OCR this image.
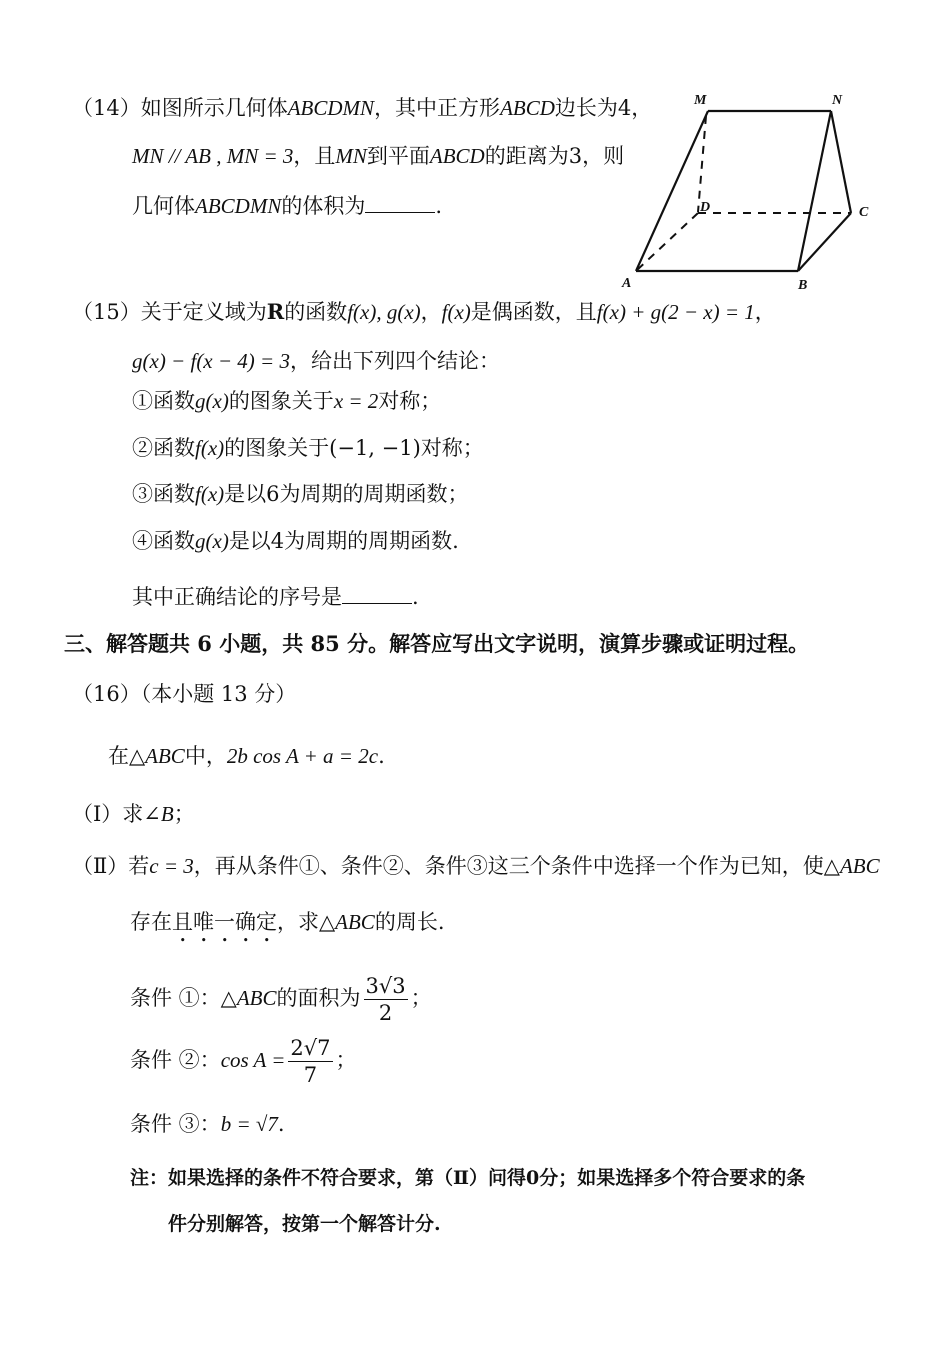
（14）如图所示几何体ABCDMN，其中正方形ABCD边长为4，
MN // AB , MN = 3，且MN到平面ABCD的距离为3，则
几何体ABCDMN的体积为	.
M	N
D	C
A	B
（15）关于定义域为R的函数f(x), g(x)，f(x)是偶函数，且f(x) + g(2 − x) = 1，
g(x) − f(x − 4) = 3，给出下列四个结论：
①函数g(x)的图象关于x = 2对称；
②函数f(x)的图象关于(−1, −1)对称；
③函数f(x)是以6为周期的周期函数；
④函数g(x)是以4为周期的周期函数.
其中正确结论的序号是	.
三、解答题共 6 小题，共 85 分。解答应写出文字说明，演算步骤或证明过程。
（16）（本小题 13 分）
在△ABC中，2b cos A + a = 2c.
（Ⅰ）求∠B；
（Ⅱ）若c = 3，再从条件①、条件②、条件③这三个条件中选择一个作为已知，使△ABC
存在且唯一确定，求△ABC的周长.
条件 ①：△ABC的面积为 $\frac{3√3}{2}$ ；
条件 ②：$\cos A = \frac{2√7}{7}$ ；
条件 ③：b = √7.
注：如果选择的条件不符合要求，第（Ⅱ）问得0分；如果选择多个符合要求的条
件分别解答，按第一个解答计分.
